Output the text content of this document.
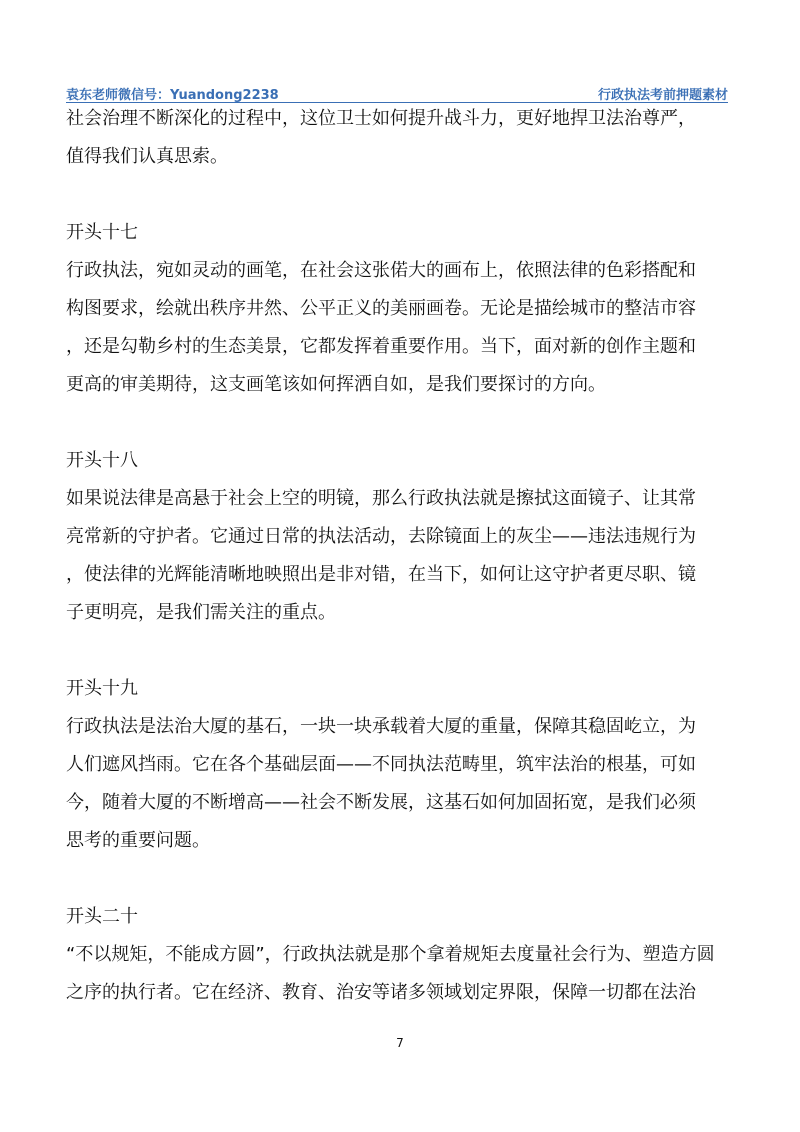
袁东老师微信号：Yuandong2238	行政执法考前押题素材
社会治理不断深化的过程中，这位卫士如何提升战斗力，更好地捍卫法治尊严，
值得我们认真思索。
开头十七
行政执法，宛如灵动的画笔，在社会这张偌大的画布上，依照法律的色彩搭配和
构图要求，绘就出秩序井然、公平正义的美丽画卷。无论是描绘城市的整洁市容
，还是勾勒乡村的生态美景，它都发挥着重要作用。当下，面对新的创作主题和
更高的审美期待，这支画笔该如何挥洒自如，是我们要探讨的方向。
开头十八
如果说法律是高悬于社会上空的明镜，那么行政执法就是擦拭这面镜子、让其常
亮常新的守护者。它通过日常的执法活动，去除镜面上的灰尘——违法违规行为
，使法律的光辉能清晰地映照出是非对错，在当下，如何让这守护者更尽职、镜
子更明亮，是我们需关注的重点。
开头十九
行政执法是法治大厦的基石，一块一块承载着大厦的重量，保障其稳固屹立，为
人们遮风挡雨。它在各个基础层面——不同执法范畴里，筑牢法治的根基，可如
今，随着大厦的不断增高——社会不断发展，这基石如何加固拓宽，是我们必须
思考的重要问题。
开头二十
“不以规矩，不能成方圆”，行政执法就是那个拿着规矩去度量社会行为、塑造方圆
之序的执行者。它在经济、教育、治安等诸多领域划定界限，保障一切都在法治
7
